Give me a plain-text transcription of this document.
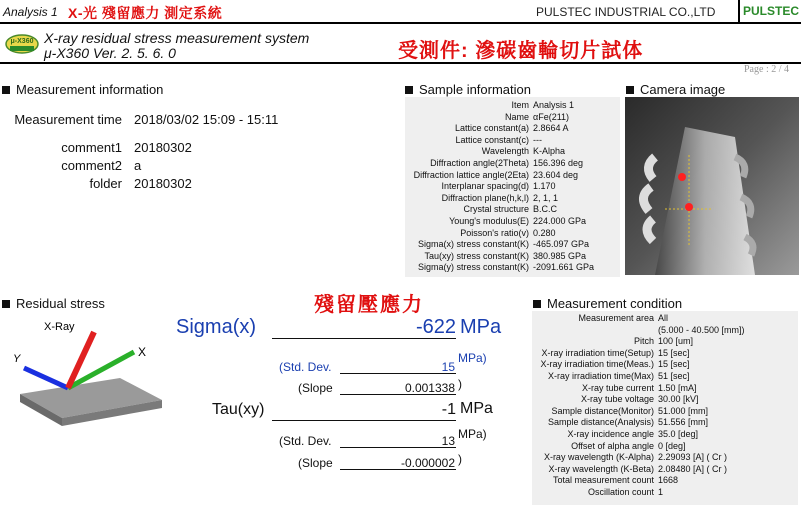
Analysis 1 X-光 殘留應力 測定系統	PULSTEC INDUSTRIAL CO.,LTD PULSTEC
μ-X360 X-ray residual stress measurement system
μ-X360 Ver. 2. 5. 6. 0	受測件: 滲碳齒輪切片試体
Page : 2 / 4
Measurement information
Measurement time 2018/03/02 15:09 - 15:11
comment1 20180302
comment2 a
folder 20180302
Sample information
Item Analysis 1
Name αFe(211)
Lattice constant(a) 2.8664 A
Lattice constant(c) ---
Wavelength K-Alpha
Diffraction angle(2Theta) 156.396 deg
Diffraction lattice angle(2Eta) 23.604 deg
Interplanar spacing(d) 1.170
Diffraction plane(h,k,l) 2, 1, 1
Crystal structure B.C.C
Young's modulus(E) 224.000 GPa
Poisson's ratio(v) 0.280
Sigma(x) stress constant(K) -465.097 GPa
Tau(xy) stress constant(K) 380.985 GPa
Sigma(y) stress constant(K) -2091.661 GPa
Camera image
Residual stress	殘留壓應力
X-Ray
X
Y
Sigma(x)	-622 MPa
(Std. Dev.	15
MPa)
(Slope	0.001338 )
Tau(xy)	-1 MPa
(Std. Dev.	13 MPa)
(Slope	-0.000002 )
Measurement condition
Measurement area All
(5.000 - 40.500 [mm])
Pitch 100 [um]
X-ray irradiation time(Setup) 15 [sec]
X-ray irradiation time(Meas.) 15 [sec]
X-ray irradiation time(Max) 51 [sec]
X-ray tube current 1.50 [mA]
X-ray tube voltage 30.00 [kV]
Sample distance(Monitor) 51.000 [mm]
Sample distance(Analysis) 51.556 [mm]
X-ray incidence angle 35.0 [deg]
Offset of alpha angle 0 [deg]
X-ray wavelength (K-Alpha) 2.29093 [A] ( Cr )
X-ray wavelength (K-Beta) 2.08480 [A] ( Cr )
Total measurement count 1668
Oscillation count 1
